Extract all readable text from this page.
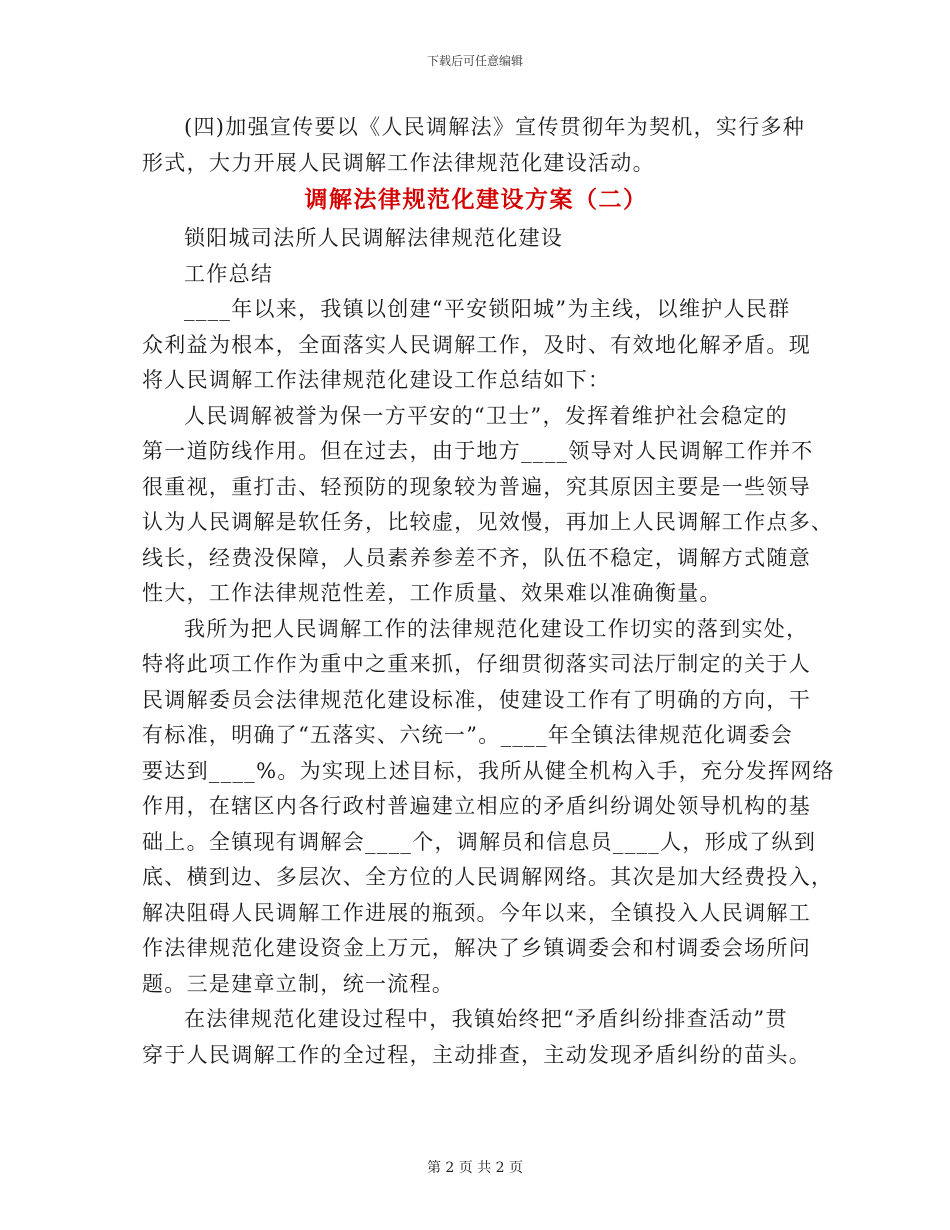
下载后可任意编辑
(四)加强宣传要以《人民调解法》宣传贯彻年为契机，实行多种
形式，大力开展人民调解工作法律规范化建设活动。
调解法律规范化建设方案（二）
锁阳城司法所人民调解法律规范化建设
工作总结
____年以来，我镇以创建“平安锁阳城”为主线，以维护人民群
众利益为根本，全面落实人民调解工作，及时、有效地化解矛盾。现
将人民调解工作法律规范化建设工作总结如下：
人民调解被誉为保一方平安的“卫士”，发挥着维护社会稳定的
第一道防线作用。但在过去，由于地方____领导对人民调解工作并不
很重视，重打击、轻预防的现象较为普遍，究其原因主要是一些领导
认为人民调解是软任务，比较虚，见效慢，再加上人民调解工作点多、
线长，经费没保障，人员素养参差不齐，队伍不稳定，调解方式随意
性大，工作法律规范性差，工作质量、效果难以准确衡量。
我所为把人民调解工作的法律规范化建设工作切实的落到实处，
特将此项工作作为重中之重来抓，仔细贯彻落实司法厅制定的关于人
民调解委员会法律规范化建设标准，使建设工作有了明确的方向，干
有标准，明确了“五落实、六统一”。____年全镇法律规范化调委会
要达到____%。为实现上述目标，我所从健全机构入手，充分发挥网络
作用，在辖区内各行政村普遍建立相应的矛盾纠纷调处领导机构的基
础上。全镇现有调解会____个，调解员和信息员____人，形成了纵到
底、横到边、多层次、全方位的人民调解网络。其次是加大经费投入，
解决阻碍人民调解工作进展的瓶颈。今年以来，全镇投入人民调解工
作法律规范化建设资金上万元，解决了乡镇调委会和村调委会场所问
题。三是建章立制，统一流程。
在法律规范化建设过程中，我镇始终把“矛盾纠纷排查活动”贯
穿于人民调解工作的全过程，主动排查，主动发现矛盾纠纷的苗头。
第 2 页 共 2 页
